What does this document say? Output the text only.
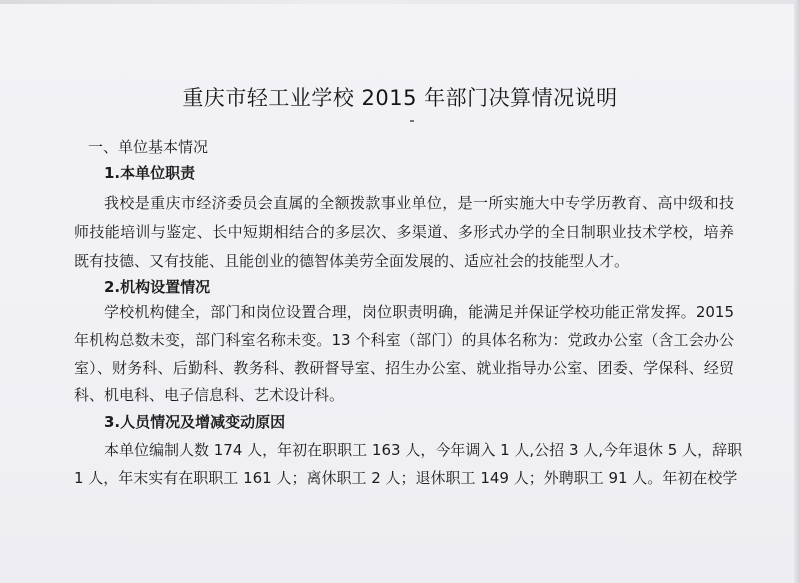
重庆市轻工业学校 2015 年部门决算情况说明
一、单位基本情况
1.本单位职责
我校是重庆市经济委员会直属的全额拨款事业单位，是一所实施大中专学历教育、高中级和技
师技能培训与鉴定、长中短期相结合的多层次、多渠道、多形式办学的全日制职业技术学校，培养
既有技德、又有技能、且能创业的德智体美劳全面发展的、适应社会的技能型人才。
2.机构设置情况
学校机构健全，部门和岗位设置合理，岗位职责明确，能满足并保证学校功能正常发挥。2015
年机构总数未变，部门科室名称未变。13 个科室（部门）的具体名称为：党政办公室（含工会办公
室）、财务科、后勤科、教务科、教研督导室、招生办公室、就业指导办公室、团委、学保科、经贸
科、机电科、电子信息科、艺术设计科。
3.人员情况及增减变动原因
本单位编制人数 174 人，年初在职职工 163 人，今年调入 1 人,公招 3 人,今年退休 5 人，辞职
1 人，年末实有在职职工 161 人；离休职工 2 人；退休职工 149 人；外聘职工 91 人。年初在校学
